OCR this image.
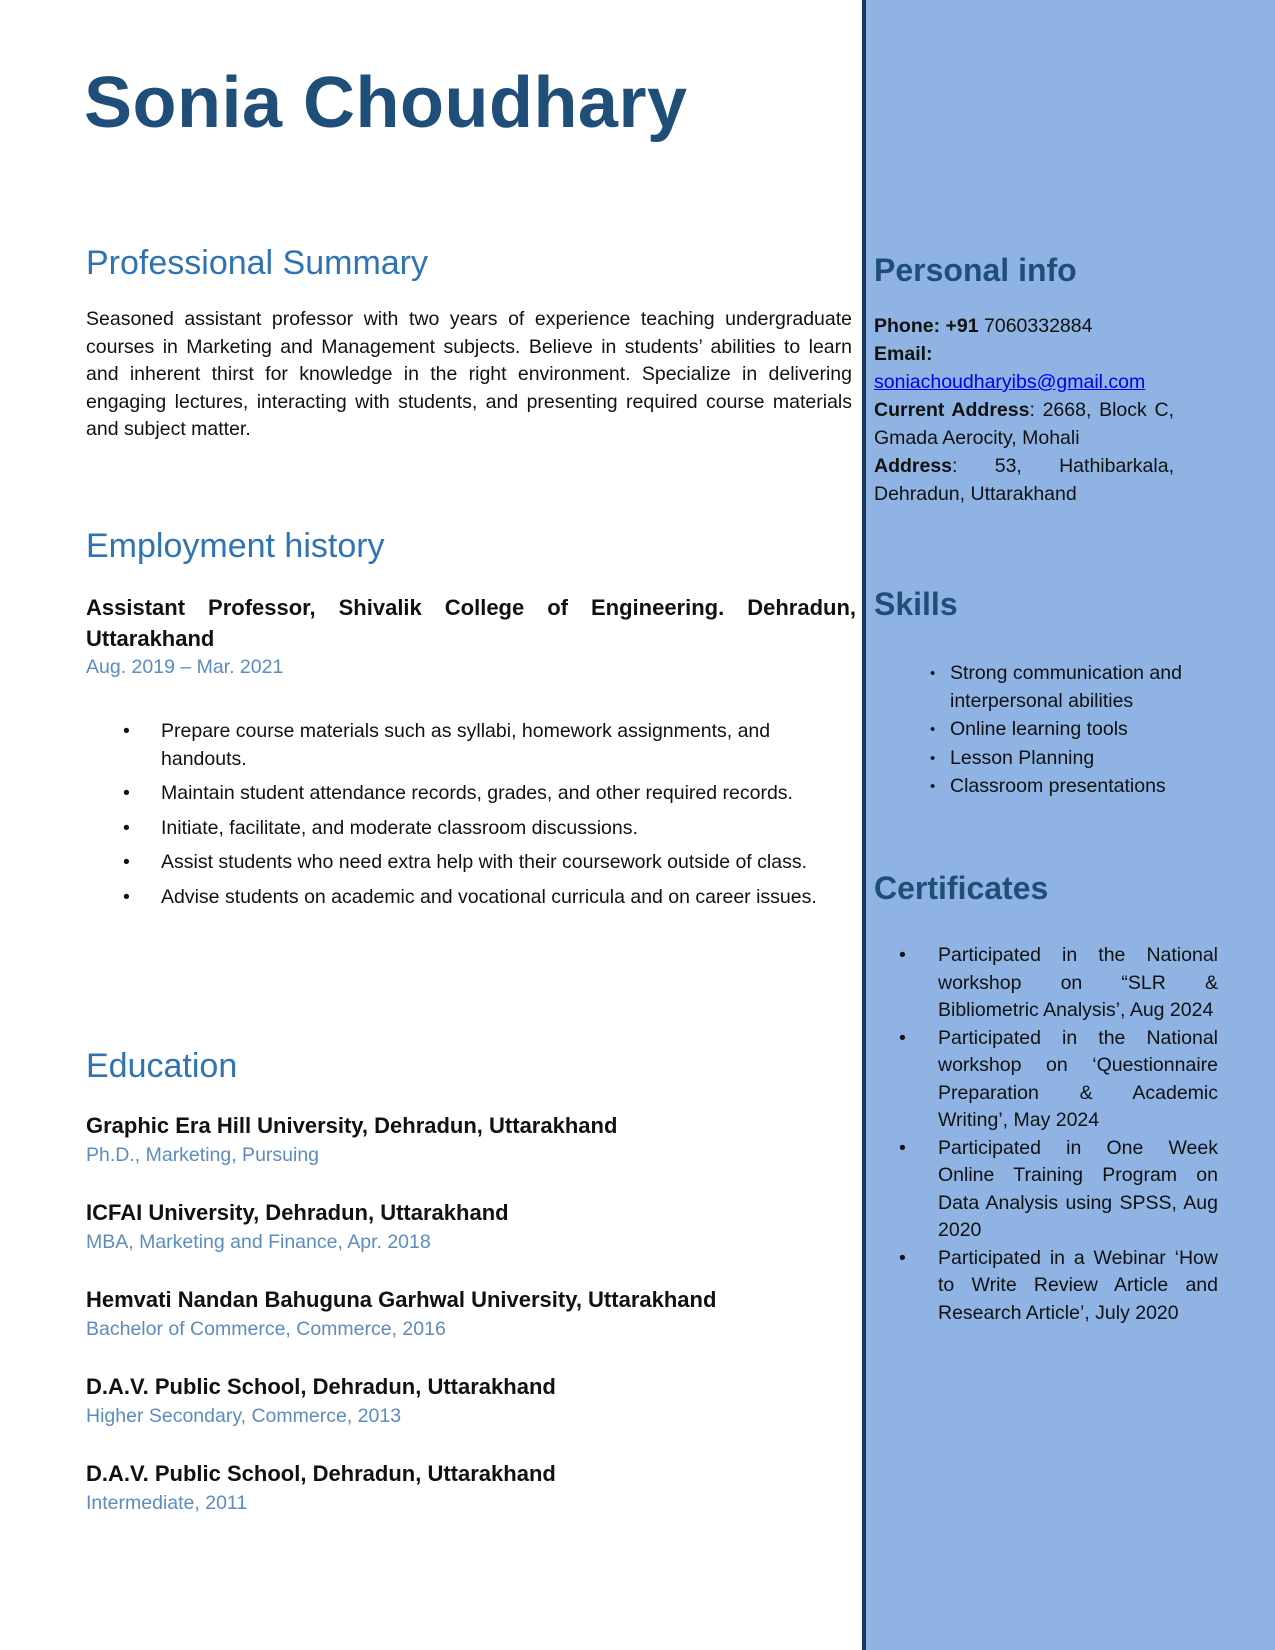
Sonia Choudhary
Professional Summary

Seasoned assistant professor with two years of experience teaching undergraduate courses in Marketing and Management subjects. Believe in students’ abilities to learn and inherent thirst for knowledge in the right environment. Specialize in delivering engaging lectures, interacting with students, and presenting required course materials and subject matter.

Employment history

Assistant Professor, Shivalik College of Engineering. Dehradun, Uttarakhand

Aug. 2019 – Mar. 2021
• Prepare course materials such as syllabi, homework assignments, and handouts.
• Maintain student attendance records, grades, and other required records.
• Initiate, facilitate, and moderate classroom discussions.
• Assist students who need extra help with their coursework outside of class.
• Advise students on academic and vocational curricula and on career issues.
Education
Graphic Era Hill University, Dehradun, Uttarakhand
Ph.D., Marketing, Pursuing
ICFAI University, Dehradun, Uttarakhand
MBA, Marketing and Finance, Apr. 2018
Hemvati Nandan Bahuguna Garhwal University, Uttarakhand
Bachelor of Commerce, Commerce, 2016
D.A.V. Public School, Dehradun, Uttarakhand
Higher Secondary, Commerce, 2013
D.A.V. Public School, Dehradun, Uttarakhand
Intermediate, 2011
Personal info
Phone: +91 7060332884
Email:
soniachoudharyibs@gmail.com
Current Address: 2668, Block C, Gmada Aerocity, Mohali
Address: 53, Hathibarkala, Dehradun, Uttarakhand
Skills
• Strong communication and interpersonal abilities
• Online learning tools
• Lesson Planning
• Classroom presentations
Certificates
• Participated in the National workshop on “SLR & Bibliometric Analysis’, Aug 2024
• Participated in the National workshop on ‘Questionnaire Preparation & Academic Writing’, May 2024
• Participated in One Week Online Training Program on Data Analysis using SPSS, Aug 2020
• Participated in a Webinar ‘How to Write Review Article and Research Article’, July 2020
